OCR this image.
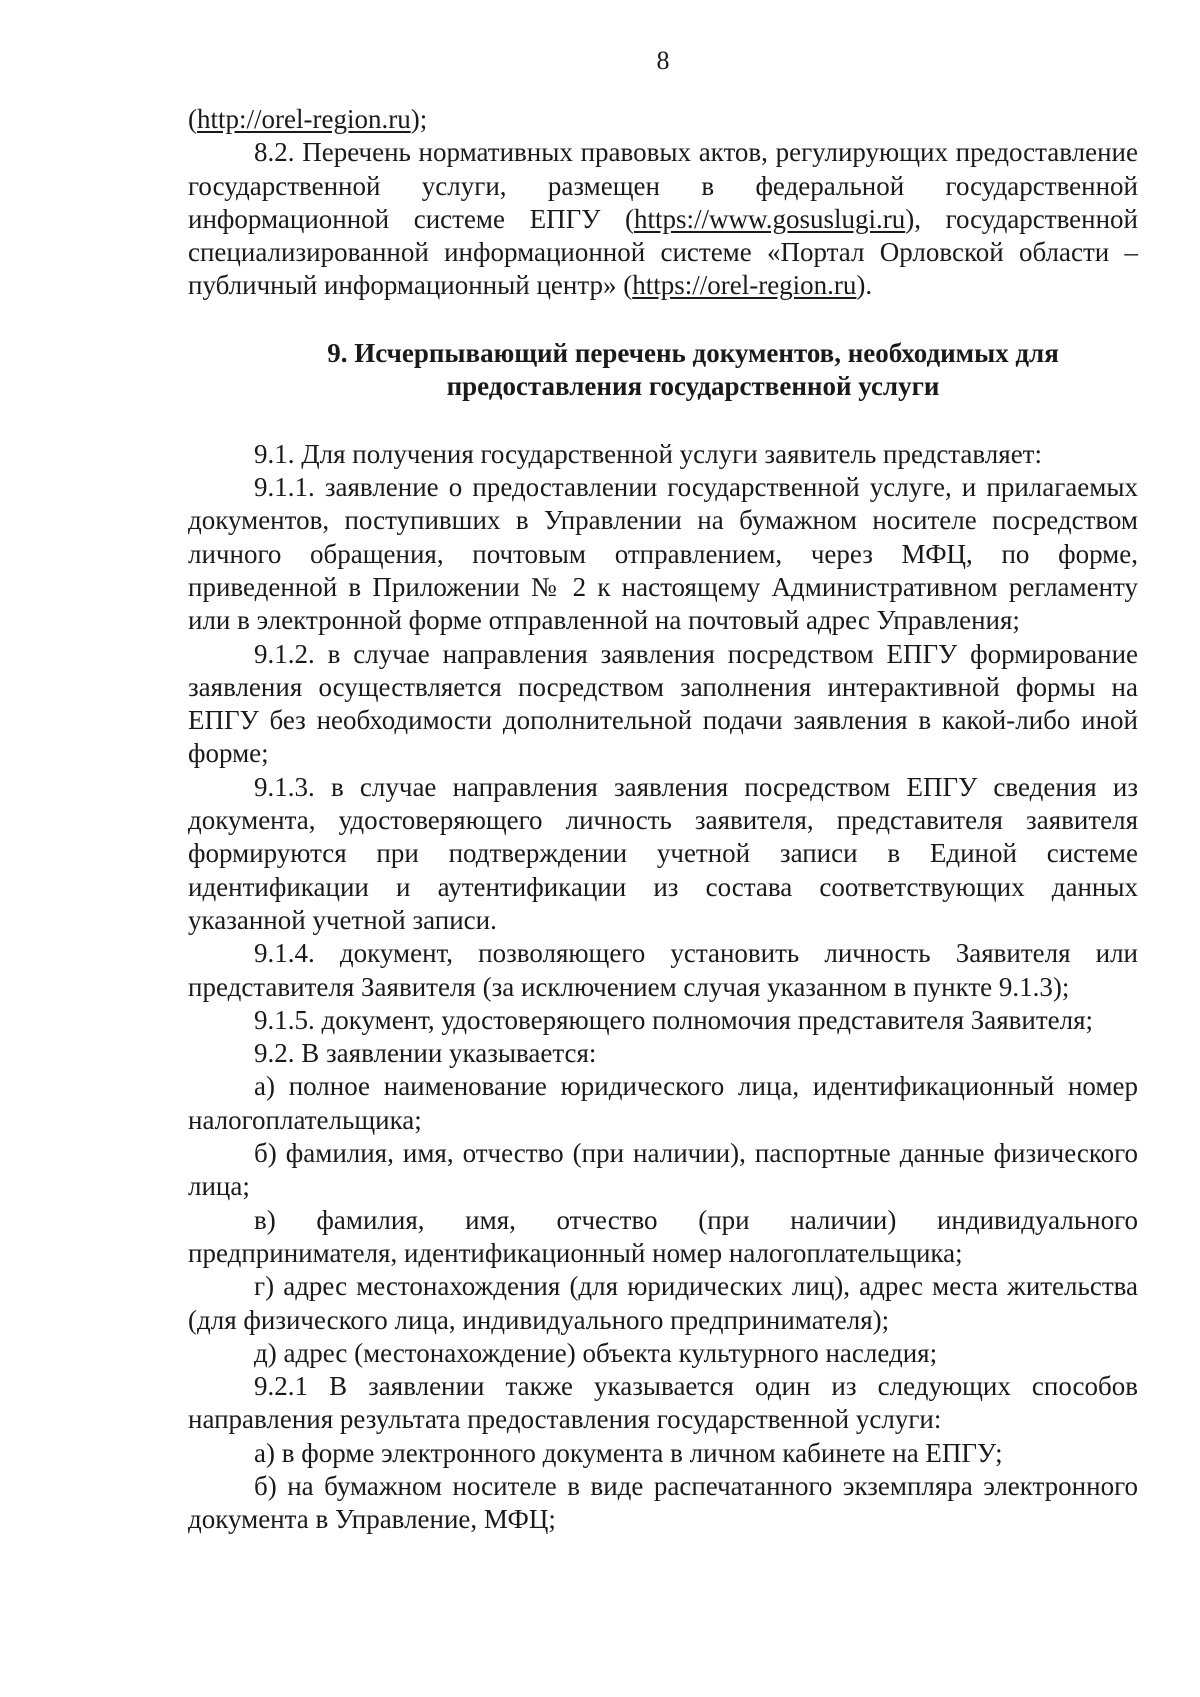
8

(http://orel-region.ru);

8.2. Перечень нормативных правовых актов, регулирующих предоставление государственной услуги, размещен в федеральной государственной информационной системе ЕПГУ (https://www.gosuslugi.ru), государственной специализированной информационной системе «Портал Орловской области – публичный информационный центр» (https://orel-region.ru).

9. Исчерпывающий перечень документов, необходимых для предоставления государственной услуги

9.1. Для получения государственной услуги заявитель представляет:

9.1.1. заявление о предоставлении государственной услуге, и прилагаемых документов, поступивших в Управлении на бумажном носителе посредством личного обращения, почтовым отправлением, через МФЦ, по форме, приведенной в Приложении № 2 к настоящему Административном регламенту или в электронной форме отправленной на почтовый адрес Управления;

9.1.2. в случае направления заявления посредством ЕПГУ формирование заявления осуществляется посредством заполнения интерактивной формы на ЕПГУ без необходимости дополнительной подачи заявления в какой-либо иной форме;

9.1.3. в случае направления заявления посредством ЕПГУ сведения из документа, удостоверяющего личность заявителя, представителя заявителя формируются при подтверждении учетной записи в Единой системе идентификации и аутентификации из состава соответствующих данных указанной учетной записи.

9.1.4. документ, позволяющего установить личность Заявителя или представителя Заявителя (за исключением случая указанном в пункте 9.1.3);

9.1.5. документ, удостоверяющего полномочия представителя Заявителя;

9.2. В заявлении указывается:

а) полное наименование юридического лица, идентификационный номер налогоплательщика;

б) фамилия, имя, отчество (при наличии), паспортные данные физического лица;

в) фамилия, имя, отчество (при наличии) индивидуального предпринимателя, идентификационный номер налогоплательщика;

г) адрес местонахождения (для юридических лиц), адрес места жительства (для физического лица, индивидуального предпринимателя);

д) адрес (местонахождение) объекта культурного наследия;

9.2.1 В заявлении также указывается один из следующих способов направления результата предоставления государственной услуги:

а) в форме электронного документа в личном кабинете на ЕПГУ;

б) на бумажном носителе в виде распечатанного экземпляра электронного документа в Управление, МФЦ;
